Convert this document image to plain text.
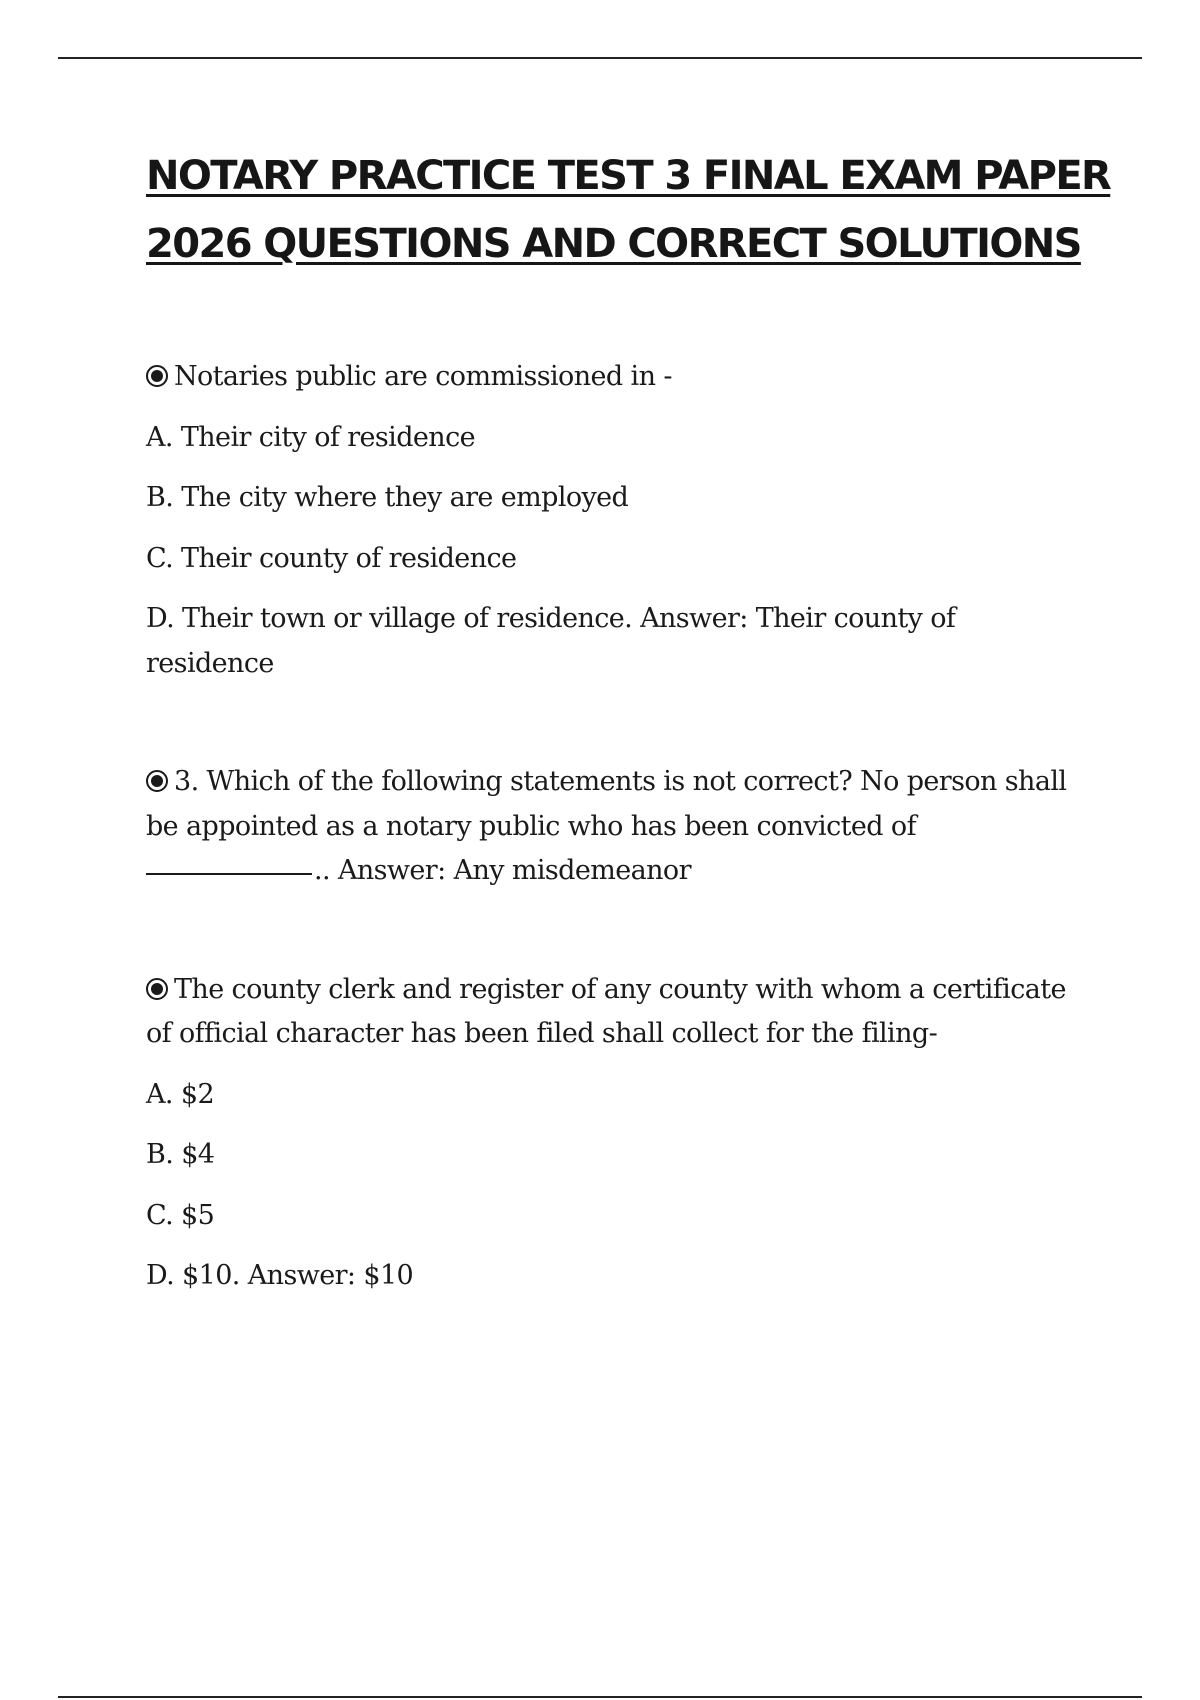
NOTARY PRACTICE TEST 3 FINAL EXAM PAPER
2026 QUESTIONS AND CORRECT SOLUTIONS

Notaries public are commissioned in -

A. Their city of residence

B. The city where they are employed

C. Their county of residence

D. Their town or village of residence. Answer: Their county of residence

3. Which of the following statements is not correct? No person shall be appointed as a notary public who has been convicted of .. Answer: Any misdemeanor

The county clerk and register of any county with whom a certificate of official character has been filed shall collect for the filing-

A. $2

B. $4

C. $5

D. $10. Answer: $10
